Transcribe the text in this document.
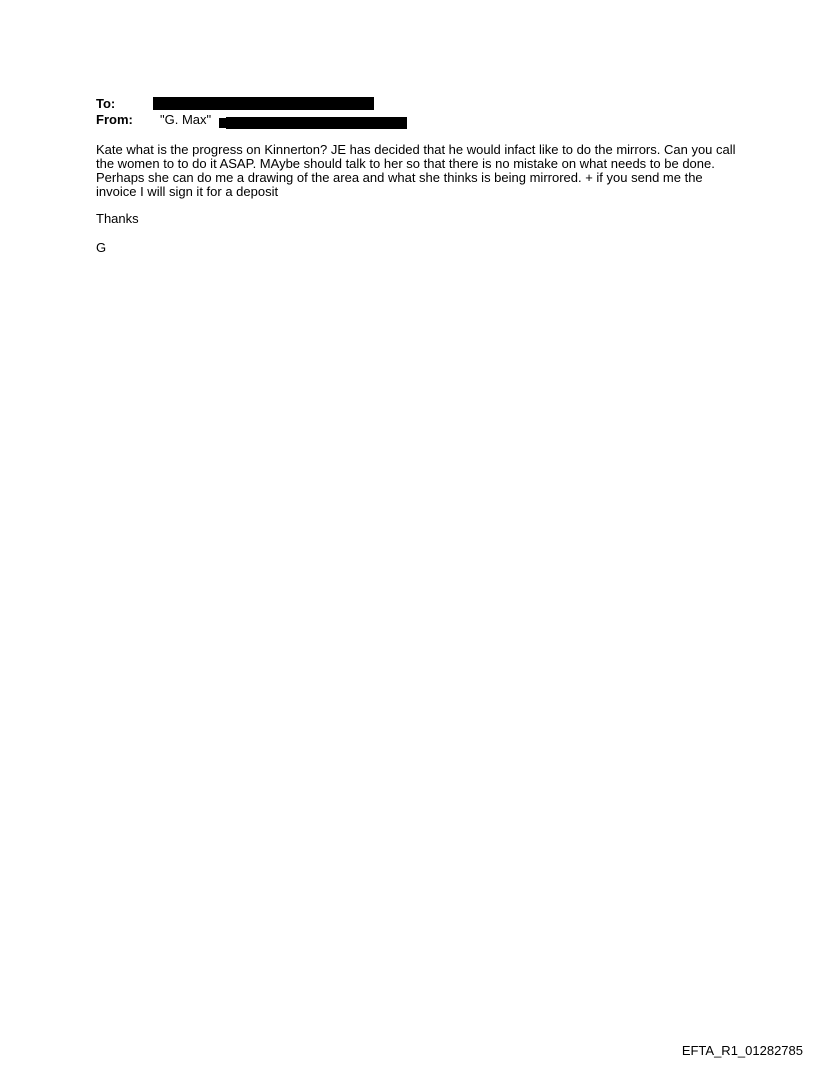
To:
From: "G. Max"

Kate what is the progress on Kinnerton? JE has decided that he would infact like to do the mirrors. Can you call the women to to do it ASAP. MAybe should talk to her so that there is no mistake on what needs to be done. Perhaps she can do me a drawing of the area and what she thinks is being mirrored. + if you send me the invoice I will sign it for a deposit

Thanks

G

EFTA_R1_01282785
